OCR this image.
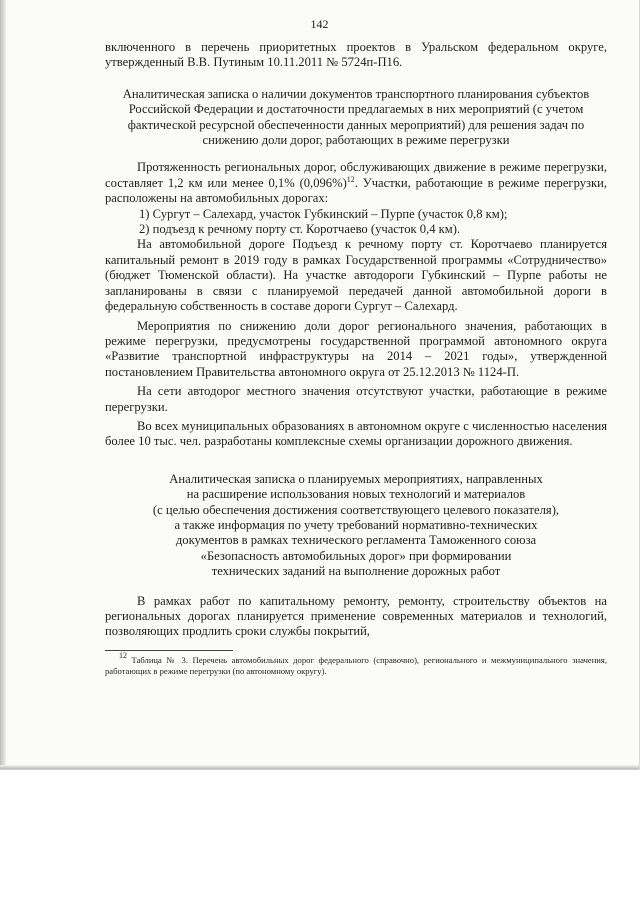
142

включенного в перечень приоритетных проектов в Уральском федеральном округе, утвержденный В.В. Путиным 10.11.2011 № 5724п-П16.

Аналитическая записка о наличии документов транспортного планирования субъектов Российской Федерации и достаточности предлагаемых в них мероприятий (с учетом фактической ресурсной обеспеченности данных мероприятий) для решения задач по снижению доли дорог, работающих в режиме перегрузки

Протяженность региональных дорог, обслуживающих движение в режиме перегрузки, составляет 1,2 км или менее 0,1% $(0,096\%)^{12}$. Участки, работающие в режиме перегрузки, расположены на автомобильных дорогах:

1) Сургут – Салехард, участок Губкинский – Пурпе (участок 0,8 км);

2) подъезд к речному порту ст. Коротчаево (участок 0,4 км).

На автомобильной дороге Подъезд к речному порту ст. Коротчаево планируется капитальный ремонт в 2019 году в рамках Государственной программы «Сотрудничество» (бюджет Тюменской области). На участке автодороги Губкинский – Пурпе работы не запланированы в связи с планируемой передачей данной автомобильной дороги в федеральную собственность в составе дороги Сургут – Салехард.

Мероприятия по снижению доли дорог регионального значения, работающих в режиме перегрузки, предусмотрены государственной программой автономного округа «Развитие транспортной инфраструктуры на 2014 – 2021 годы», утвержденной постановлением Правительства автономного округа от 25.12.2013 № 1124-П.

На сети автодорог местного значения отсутствуют участки, работающие в режиме перегрузки.

Во всех муниципальных образованиях в автономном округе с численностью населения более 10 тыс. чел. разработаны комплексные схемы организации дорожного движения.

Аналитическая записка о планируемых мероприятиях, направленных
на расширение использования новых технологий и материалов
(с целью обеспечения достижения соответствующего целевого показателя),
а также информация по учету требований нормативно-технических
документов в рамках технического регламента Таможенного союза
«Безопасность автомобильных дорог» при формировании
технических заданий на выполнение дорожных работ

В рамках работ по капитальному ремонту, ремонту, строительству объектов на региональных дорогах планируется применение современных материалов и технологий, позволяющих продлить сроки службы покрытий,

$^{12}$ Таблица № 3. Перечень автомобильных дорог федерального (справочно), регионального и межмуниципального значения, работающих в режиме перегрузки (по автономному округу).
